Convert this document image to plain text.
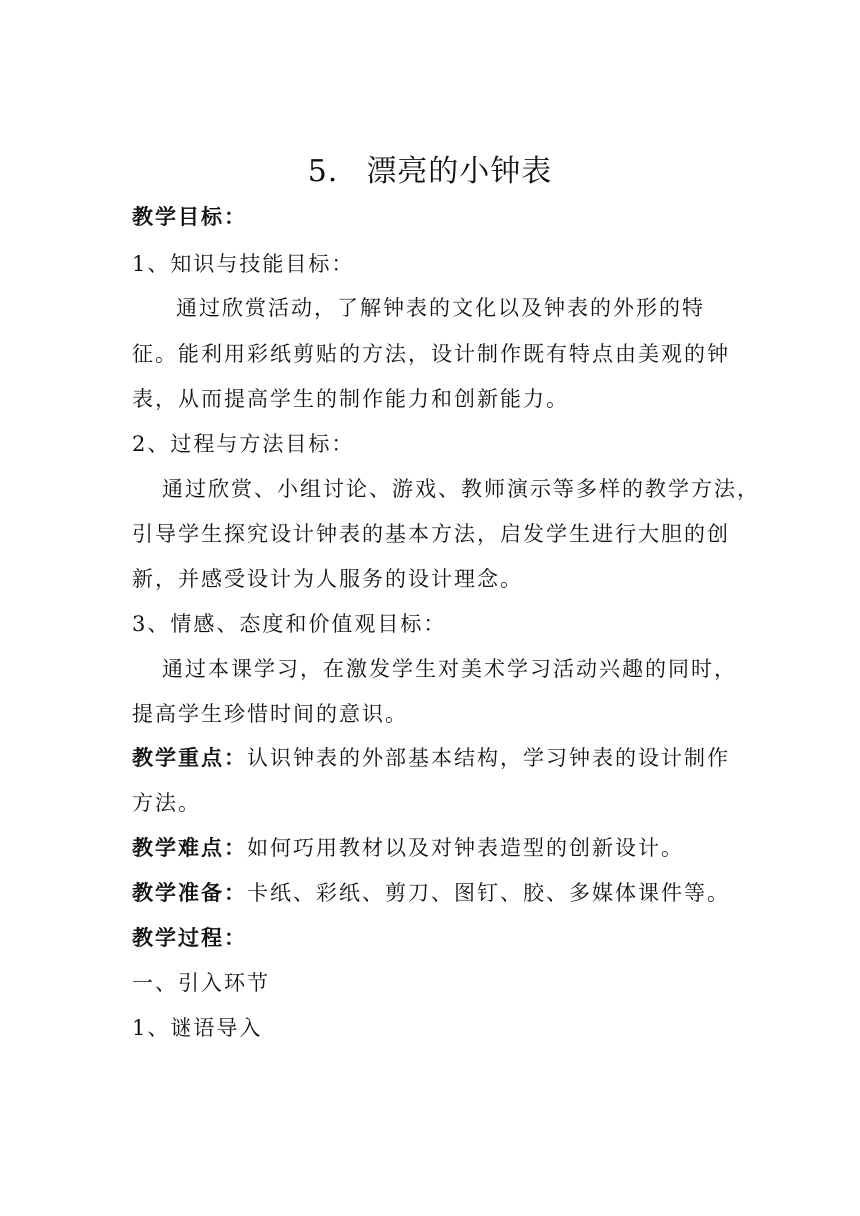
5. 漂亮的小钟表
教学目标：
1、知识与技能目标：
通过欣赏活动，了解钟表的文化以及钟表的外形的特
征。能利用彩纸剪贴的方法，设计制作既有特点由美观的钟
表，从而提高学生的制作能力和创新能力。
2、过程与方法目标：
通过欣赏、小组讨论、游戏、教师演示等多样的教学方法，
引导学生探究设计钟表的基本方法，启发学生进行大胆的创
新，并感受设计为人服务的设计理念。
3、情感、态度和价值观目标：
通过本课学习，在激发学生对美术学习活动兴趣的同时，
提高学生珍惜时间的意识。
教学重点：认识钟表的外部基本结构，学习钟表的设计制作
方法。
教学难点：如何巧用教材以及对钟表造型的创新设计。
教学准备：卡纸、彩纸、剪刀、图钉、胶、多媒体课件等。
教学过程：
一、引入环节
1、谜语导入
